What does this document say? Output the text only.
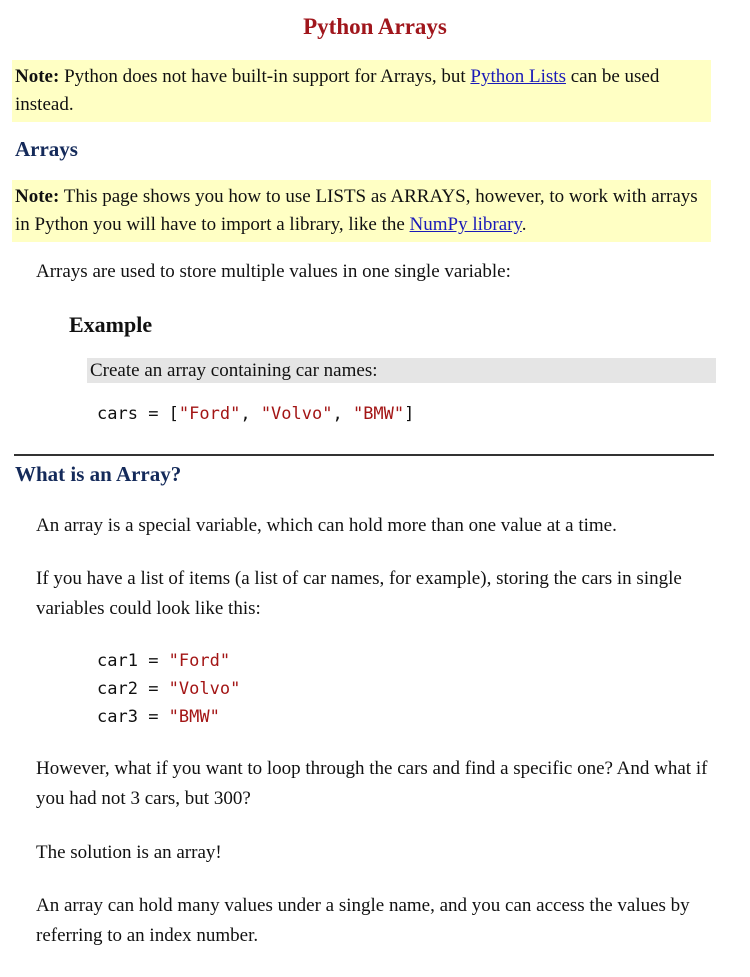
Python Arrays
Note: Python does not have built-in support for Arrays, but Python Lists can be used instead.
Arrays
Note: This page shows you how to use LISTS as ARRAYS, however, to work with arrays in Python you will have to import a library, like the NumPy library.
Arrays are used to store multiple values in one single variable:
Example
Create an array containing car names:
cars = ["Ford", "Volvo", "BMW"]
What is an Array?
An array is a special variable, which can hold more than one value at a time.
If you have a list of items (a list of car names, for example), storing the cars in single variables could look like this:
car1 = "Ford"
car2 = "Volvo"
car3 = "BMW"
However, what if you want to loop through the cars and find a specific one? And what if you had not 3 cars, but 300?
The solution is an array!
An array can hold many values under a single name, and you can access the values by referring to an index number.
